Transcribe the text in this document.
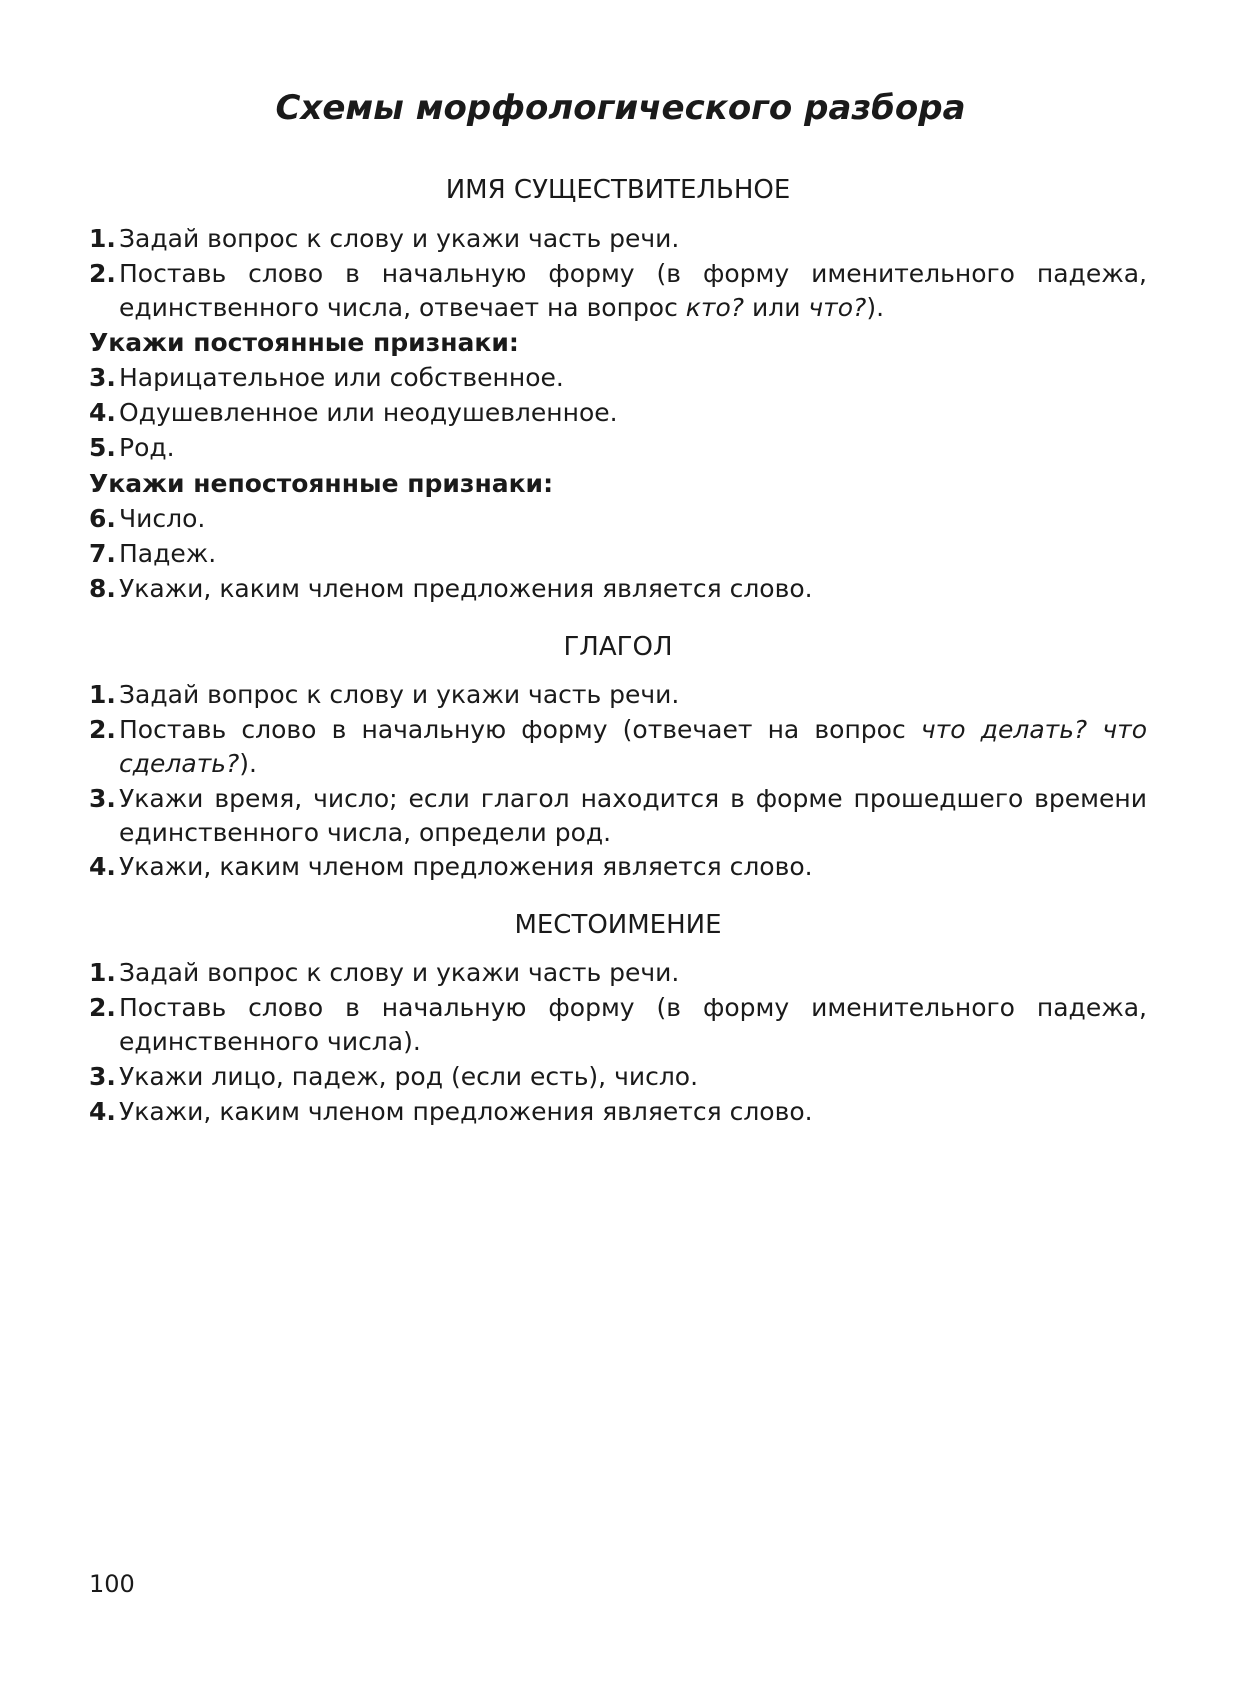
Схемы морфологического разбора
ИМЯ СУЩЕСТВИТЕЛЬНОЕ

1. Задай вопрос к слову и укажи часть речи.

2. Поставь слово в начальную форму (в форму именительного падежа, единственного числа, отвечает на вопрос кто? или что?).

Укажи постоянные признаки:

3. Нарицательное или собственное.

4. Одушевленное или неодушевленное.

5. Род.

Укажи непостоянные признаки:

6. Число.

7. Падеж.

8. Укажи, каким членом предложения является слово.

ГЛАГОЛ

1. Задай вопрос к слову и укажи часть речи.

2. Поставь слово в начальную форму (отвечает на вопрос что делать? что сделать?).

3. Укажи время, число; если глагол находится в форме прошедшего времени единственного числа, определи род.

4. Укажи, каким членом предложения является слово.

МЕСТОИМЕНИЕ

1. Задай вопрос к слову и укажи часть речи.

2. Поставь слово в начальную форму (в форму именительного падежа, единственного числа).

3. Укажи лицо, падеж, род (если есть), число.

4. Укажи, каким членом предложения является слово.

100
